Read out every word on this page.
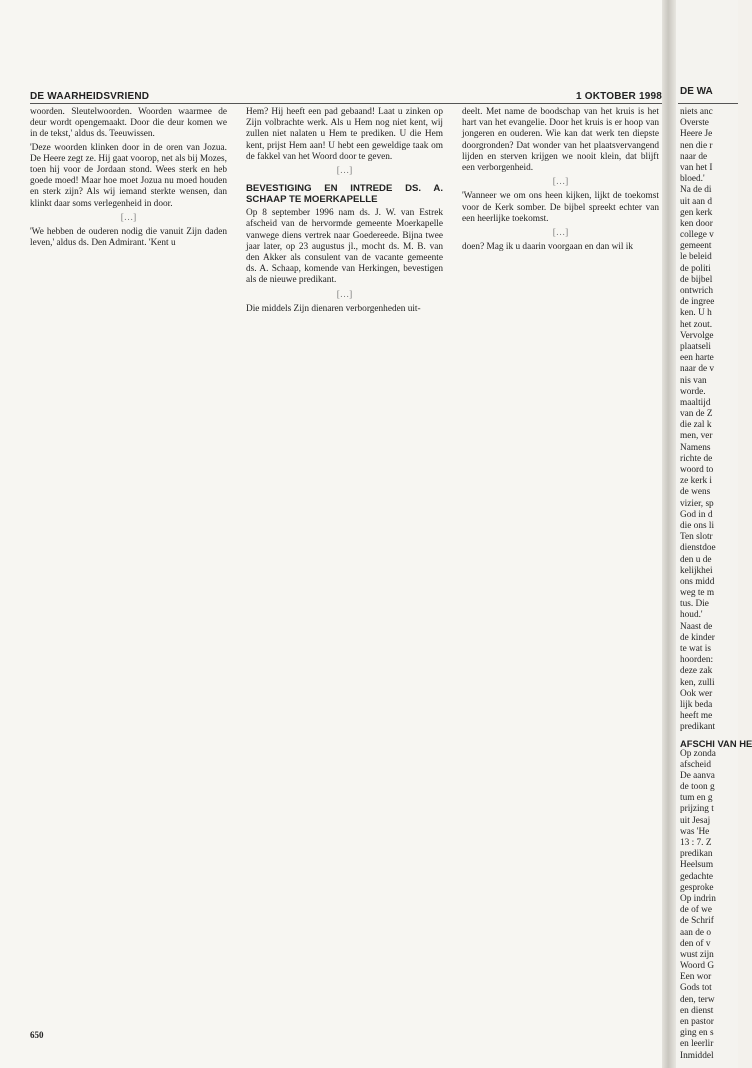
DE WAARHEIDSVRIEND	1 OKTOBER 1998

woorden. Sleutelwoorden. Woorden waarmee de deur wordt opengemaakt. Door die deur komen we in de tekst,' aldus ds. Teeuwissen.

'Deze woorden klinken door in de oren van Jozua. De Heere zegt ze. Hij gaat voorop, net als bij Mozes, toen hij voor de Jordaan stond. Wees sterk en heb goede moed! Maar hoe moet Jozua nu moed houden en sterk zijn? Als wij iemand sterkte wensen, dan klinkt daar soms verlegenheid in door.

[…]

'We hebben de ouderen nodig die vanuit Zijn daden leven,' aldus ds. Den Admirant. 'Kent u

Hem? Hij heeft een pad gebaand! Laat u zinken op Zijn volbrachte werk. Als u Hem nog niet kent, wij zullen niet nalaten u Hem te prediken. U die Hem kent, prijst Hem aan! U hebt een geweldige taak om de fakkel van het Woord door te geven.

[…]

BEVESTIGING EN INTREDE DS. A. SCHAAP TE MOERKAPELLE

Op 8 september 1996 nam ds. J. W. van Estrek afscheid van de hervormde gemeente Moerkapelle vanwege diens vertrek naar Goedereede. Bijna twee jaar later, op 23 augustus jl., mocht ds. M. B. van den Akker als consulent van de vacante gemeente ds. A. Schaap, komende van Herkingen, bevestigen als de nieuwe predikant.

[…]

Die middels Zijn dienaren verborgenheden uit-

deelt. Met name de boodschap van het kruis is het hart van het evangelie. Door het kruis is er hoop van jongeren en ouderen. Wie kan dat werk ten diepste doorgronden? Dat wonder van het plaatsvervangend lijden en sterven krijgen we nooit klein, dat blijft een verborgenheid.

[…]

'Wanneer we om ons heen kijken, lijkt de toekomst voor de Kerk somber. De bijbel spreekt echter van een heerlijke toekomst.

[…]

doen? Mag ik u daarin voorgaan en dan wil ik

650
DE WA
niets anc
Overste
Heere Je
nen die r
naar de
van het I
bloed.'
Na de di
uit aan d
gen kerk
ken door
college v
gemeent
le beleid
de politi
de bijbel
ontwrich
de ingree
ken. U h
het zout.
Vervolge
plaatseli
een harte
naar de v
nis van
worde.
maaltijd
van de Z
die zal k
men, ver
Namens
richte de
woord to
ze kerk i
de wens
vizier, sp
God in d
die ons li
Ten slotr
dienstdoe
den u de
kelijkhei
ons midd
weg te m
tus. Die
houd.'
Naast de
de kinder
te wat is
hoorden:
deze zak
ken, zulli
Ook wer
lijk beda
heeft me
predikant
AFSCHI VAN HE
Op zonda
afscheid
De aanva
de toon g
tum en g
prijzing t
uit Jesaj
was 'He
13 : 7. Z
predikan
Heelsum
gedachte
gesproke
Op indrin
de of we
de Schrif
aan de o
den of v
wust zijn
Woord G
Een wor
Gods tot
den, terw
en dienst
en pastor
ging en s
en leerlir
Inmiddel
